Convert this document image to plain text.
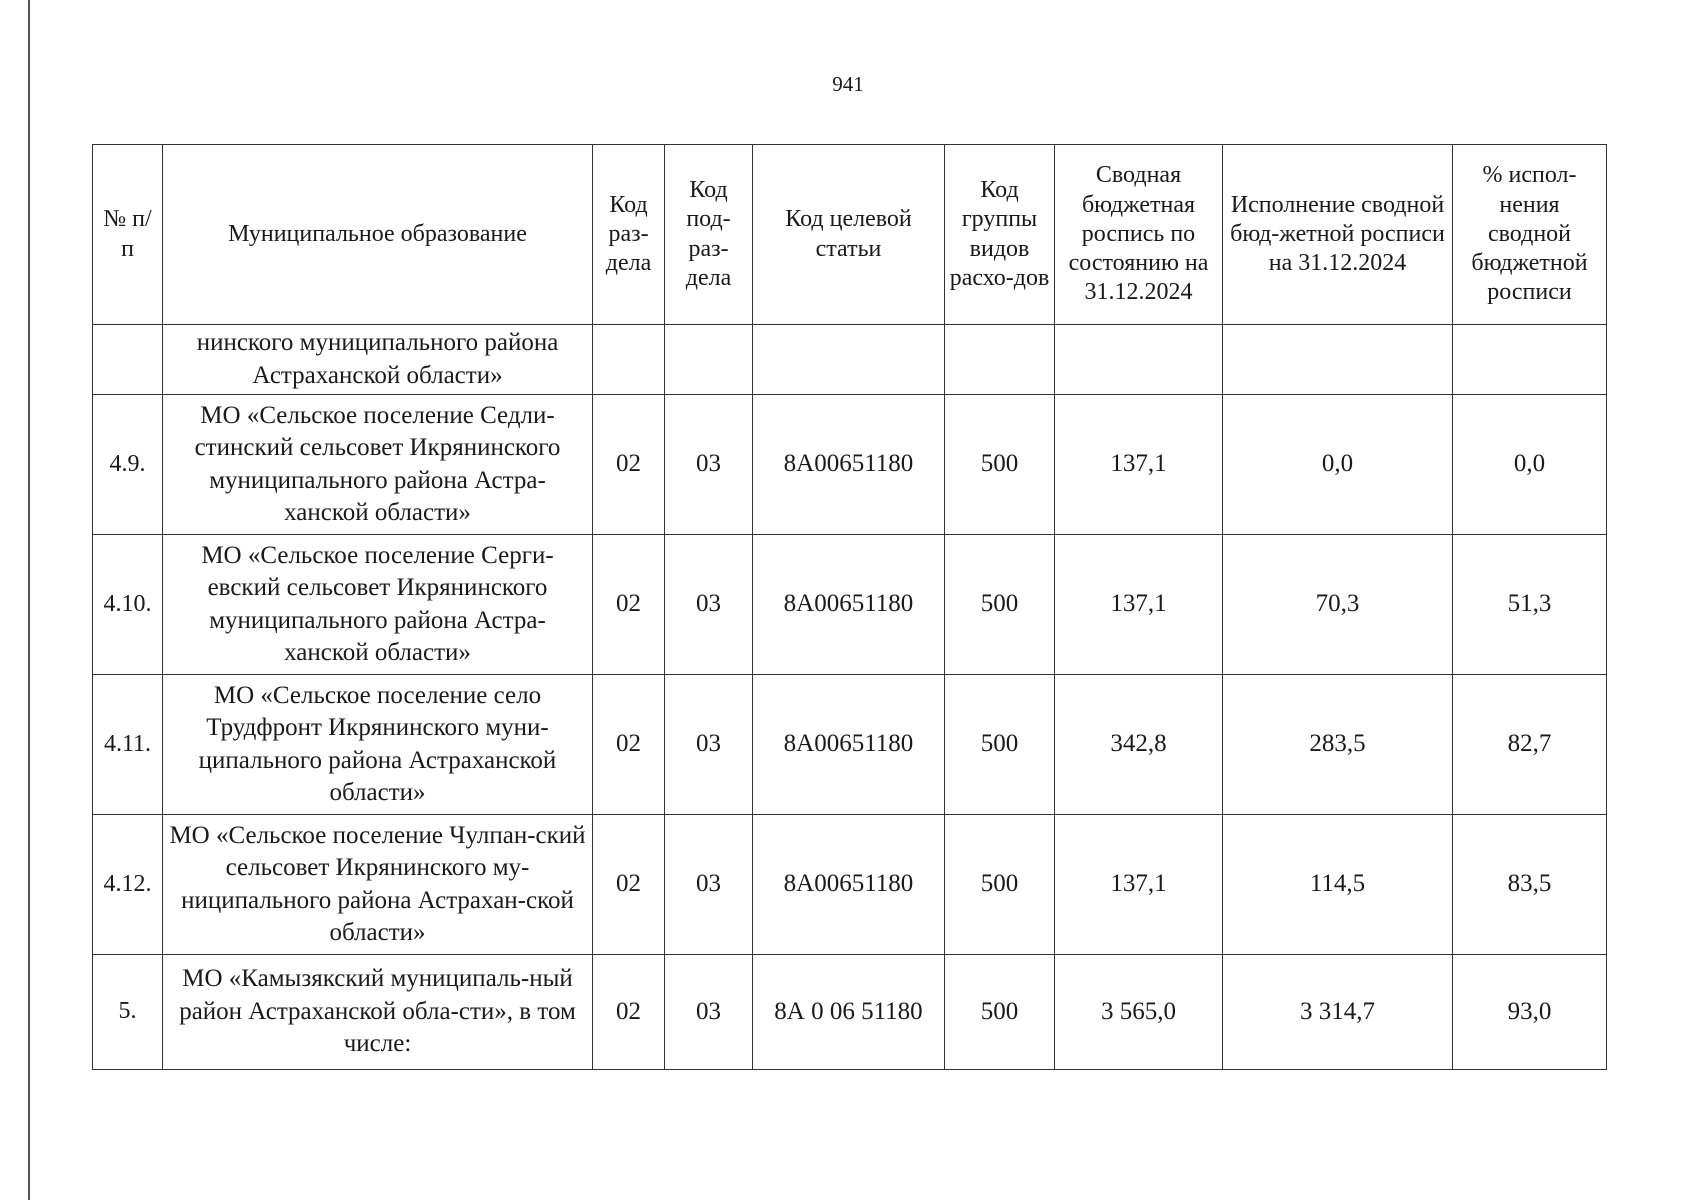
941
№ п/п	Муниципальное образование	Код раз-дела	Код под-раз-дела	Код целевой статьи	Код группы видов расхо-дов	Сводная бюджетная роспись по состоянию на 31.12.2024	Исполнение сводной бюд-жетной росписи на 31.12.2024	% испол-нения сводной бюджетной росписи
	нинского муниципального района Астраханской области»							
4.9.	МО «Сельское поселение Седли-стинский сельсовет Икрянинского муниципального района Астра-ханской области»	02	03	8А00651180	500	137,1	0,0	0,0
4.10.	МО «Сельское поселение Серги-евский сельсовет Икрянинского муниципального района Астра-ханской области»	02	03	8А00651180	500	137,1	70,3	51,3
4.11.	МО «Сельское поселение село Трудфронт Икрянинского муни-ципального района Астраханской области»	02	03	8А00651180	500	342,8	283,5	82,7
4.12.	МО «Сельское поселение Чулпан-ский сельсовет Икрянинского му-ниципального района Астрахан-ской области»	02	03	8А00651180	500	137,1	114,5	83,5
5.	МО «Камызякский муниципаль-ный район Астраханской обла-сти», в том числе:	02	03	8А 0 06 51180	500	3 565,0	3 314,7	93,0
